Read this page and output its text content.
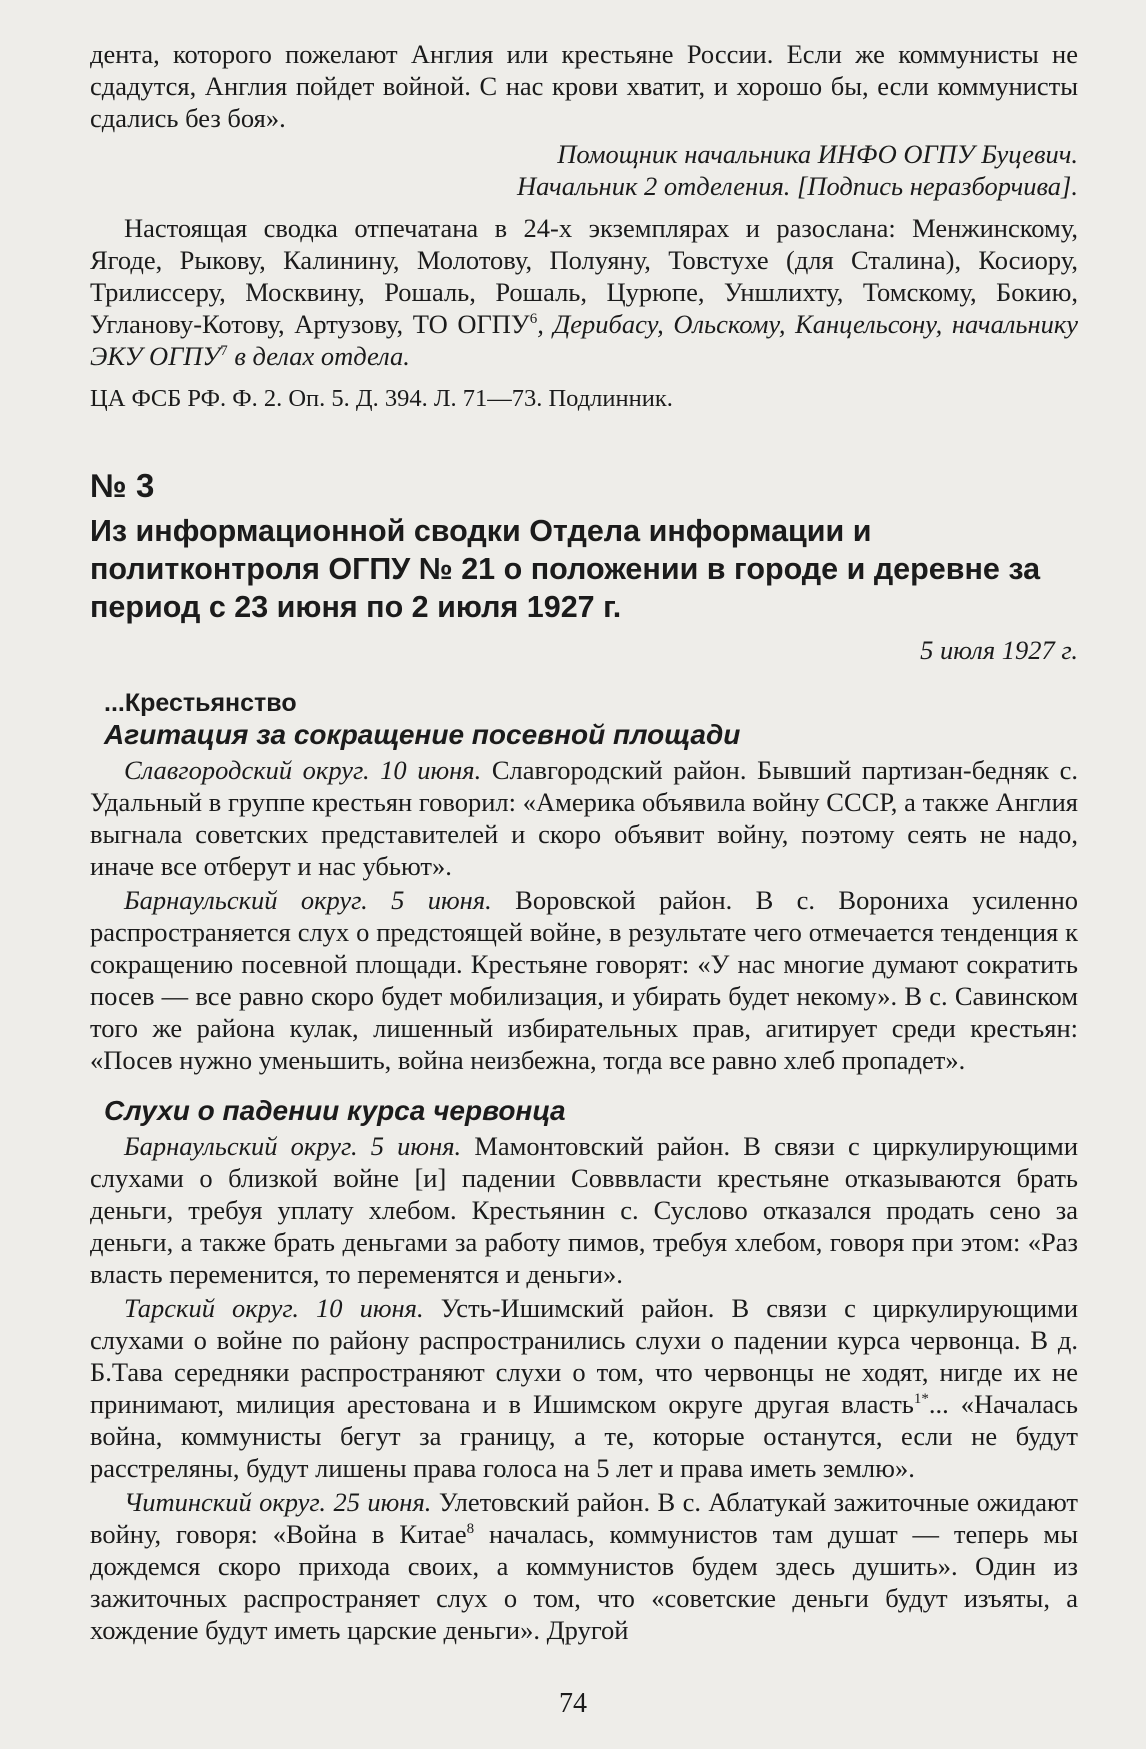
дента, которого пожелают Англия или крестьяне России. Если же коммунисты не сдадутся, Англия пойдет войной. С нас крови хватит, и хорошо бы, если коммунисты сдались без боя».

Помощник начальника ИНФО ОГПУ Буцевич.

Начальник 2 отделения. [Подпись неразборчива].

Настоящая сводка отпечатана в 24-х экземплярах и разослана: Менжинскому, Ягоде, Рыкову, Калинину, Молотову, Полуяну, Товстухе (для Сталина), Косиору, Трилиссеру, Москвину, Рошаль, Рошаль, Цурюпе, Уншлихту, Томскому, Бокию, Угланову-Котову, Артузову, ТО ОГПУ$^6$, Дерибасу, Ольскому, Канцельсону, начальнику ЭКУ ОГПУ$^7$ в делах отдела.

ЦА ФСБ РФ. Ф. 2. Оп. 5. Д. 394. Л. 71—73. Подлинник.

№ 3

Из информационной сводки Отдела информации и политконтроля ОГПУ № 21 о положении в городе и деревне за период с 23 июня по 2 июля 1927 г.

5 июля 1927 г.

...Крестьянство

Агитация за сокращение посевной площади

Славгородский округ. 10 июня. Славгородский район. Бывший партизан-бедняк с. Удальный в группе крестьян говорил: «Америка объявила войну СССР, а также Англия выгнала советских представителей и скоро объявит войну, поэтому сеять не надо, иначе все отберут и нас убьют».

Барнаульский округ. 5 июня. Воровской район. В с. Ворониха усиленно распространяется слух о предстоящей войне, в результате чего отмечается тенденция к сокращению посевной площади. Крестьяне говорят: «У нас многие думают сократить посев — все равно скоро будет мобилизация, и убирать будет некому». В с. Савинском того же района кулак, лишенный избирательных прав, агитирует среди крестьян: «Посев нужно уменьшить, война неизбежна, тогда все равно хлеб пропадет».

Слухи о падении курса червонца

Барнаульский округ. 5 июня. Мамонтовский район. В связи с циркулирующими слухами о близкой войне [и] падении Совввласти крестьяне отказываются брать деньги, требуя уплату хлебом. Крестьянин с. Суслово отказался продать сено за деньги, а также брать деньгами за работу пимов, требуя хлебом, говоря при этом: «Раз власть переменится, то переменятся и деньги».

Тарский округ. 10 июня. Усть-Ишимский район. В связи с циркулирующими слухами о войне по району распространились слухи о падении курса червонца. В д. Б.Тава середняки распространяют слухи о том, что червонцы не ходят, нигде их не принимают, милиция арестована и в Ишимском округе другая власть$^{1*}$... «Началась война, коммунисты бегут за границу, а те, которые останутся, если не будут расстреляны, будут лишены права голоса на 5 лет и права иметь землю».

Читинский округ. 25 июня. Улетовский район. В с. Аблатукай зажиточные ожидают войну, говоря: «Война в Китае$^8$ началась, коммунистов там душат — теперь мы дождемся скоро прихода своих, а коммунистов будем здесь душить». Один из зажиточных распространяет слух о том, что «советские деньги будут изъяты, а хождение будут иметь царские деньги». Другой

74
